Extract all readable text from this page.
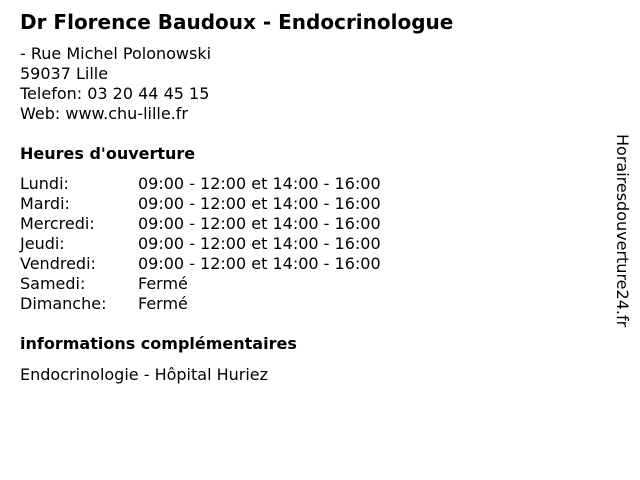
Dr Florence Baudoux - Endocrinologue
- Rue Michel Polonowski
59037 Lille
Telefon: 03 20 44 45 15
Web: www.chu-lille.fr
Heures d'ouverture
Lundi:	09:00 - 12:00 et 14:00 - 16:00
Mardi:	09:00 - 12:00 et 14:00 - 16:00
Mercredi:	09:00 - 12:00 et 14:00 - 16:00
Jeudi:	09:00 - 12:00 et 14:00 - 16:00
Vendredi:	09:00 - 12:00 et 14:00 - 16:00
Samedi:	Fermé
Dimanche: Fermé
informations complémentaires
Endocrinologie - Hôpital Huriez
Horairesdouverture24.fr
